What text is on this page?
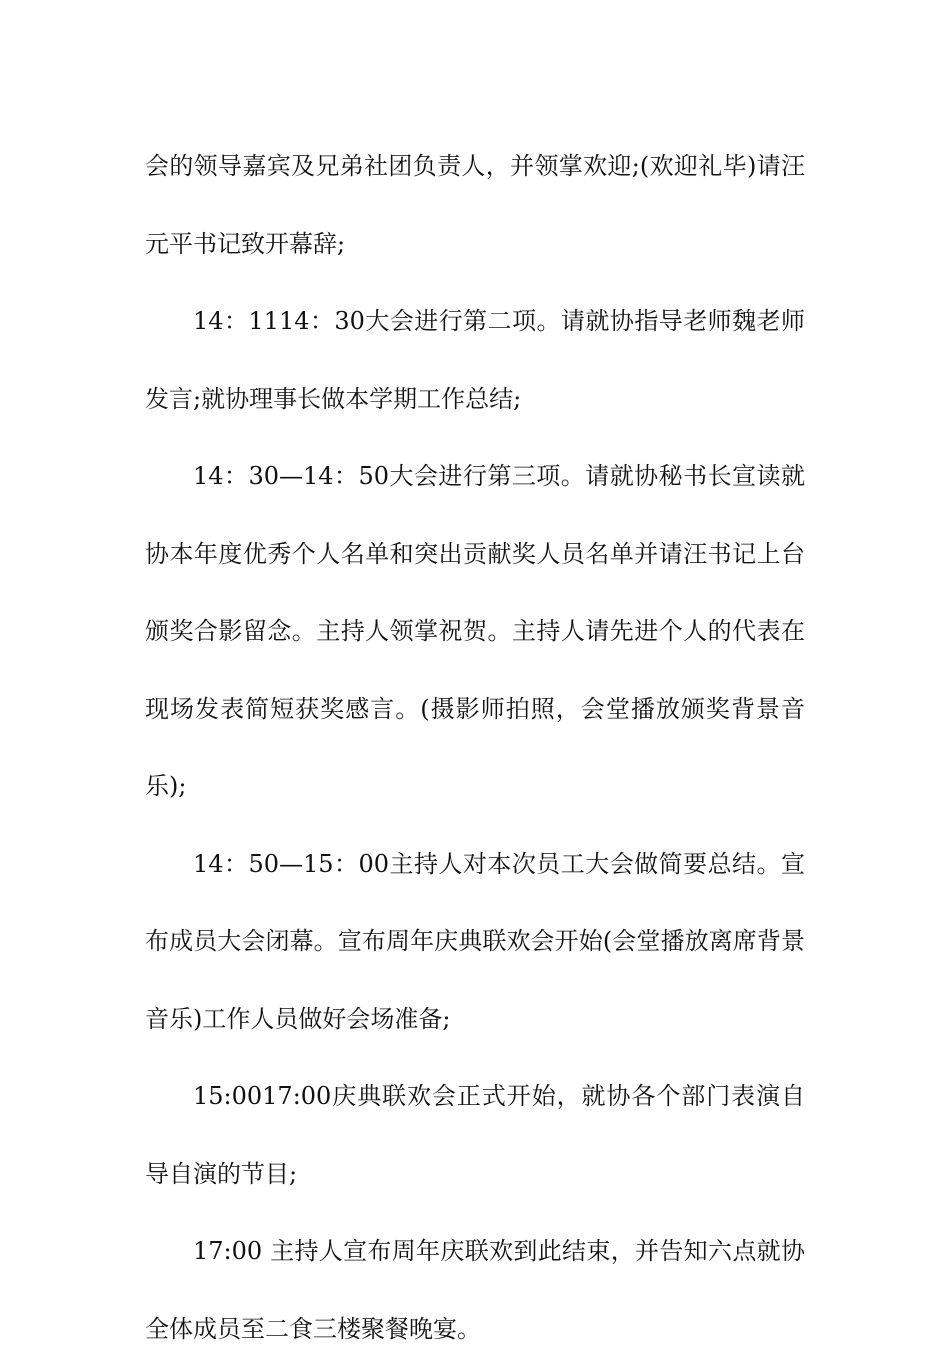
会的领导嘉宾及兄弟社团负责人，并领掌欢迎;(欢迎礼毕)请汪元平书记致开幕辞;

14：1114：30大会进行第二项。请就协指导老师魏老师发言;就协理事长做本学期工作总结;

14：30—14：50大会进行第三项。请就协秘书长宣读就协本年度优秀个人名单和突出贡献奖人员名单并请汪书记上台颁奖合影留念。主持人领掌祝贺。主持人请先进个人的代表在现场发表简短获奖感言。(摄影师拍照，会堂播放颁奖背景音乐);

14：50—15：00主持人对本次员工大会做简要总结。宣布成员大会闭幕。宣布周年庆典联欢会开始(会堂播放离席背景音乐)工作人员做好会场准备;

15:0017:00庆典联欢会正式开始，就协各个部门表演自导自演的节目;

17:00 主持人宣布周年庆联欢到此结束，并告知六点就协全体成员至二食三楼聚餐晚宴。
